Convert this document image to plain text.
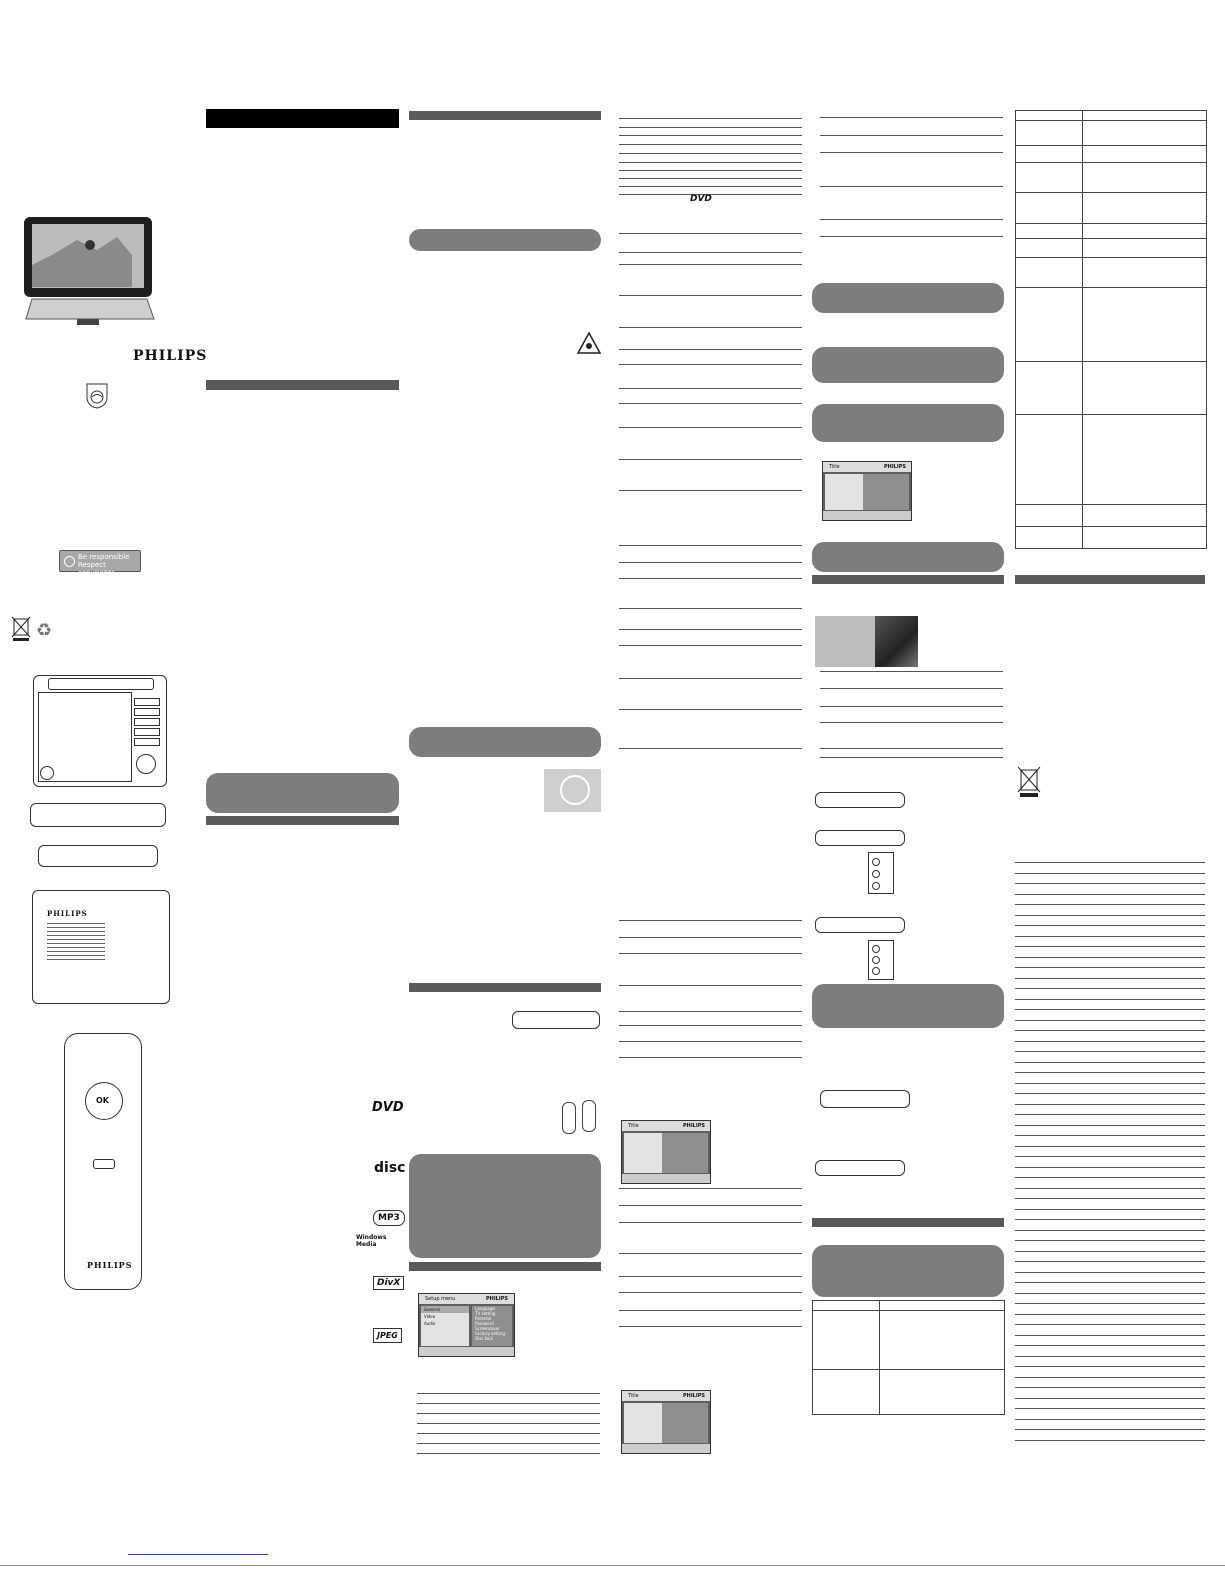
PHILIPS
Be responsible
Respect copyrights
♻
PHILIPS
OK
PHILIPS
DVD
disc
MP3
Windows Media
DivX
JPEG
Setup menu	PHILIPS
General
Video
Audio
Language
TV setting
Parental
Password
Screensaver
Factory setting
Disc lock
DVD
Title	PHILIPS
Title	PHILIPS
Title	PHILIPS
